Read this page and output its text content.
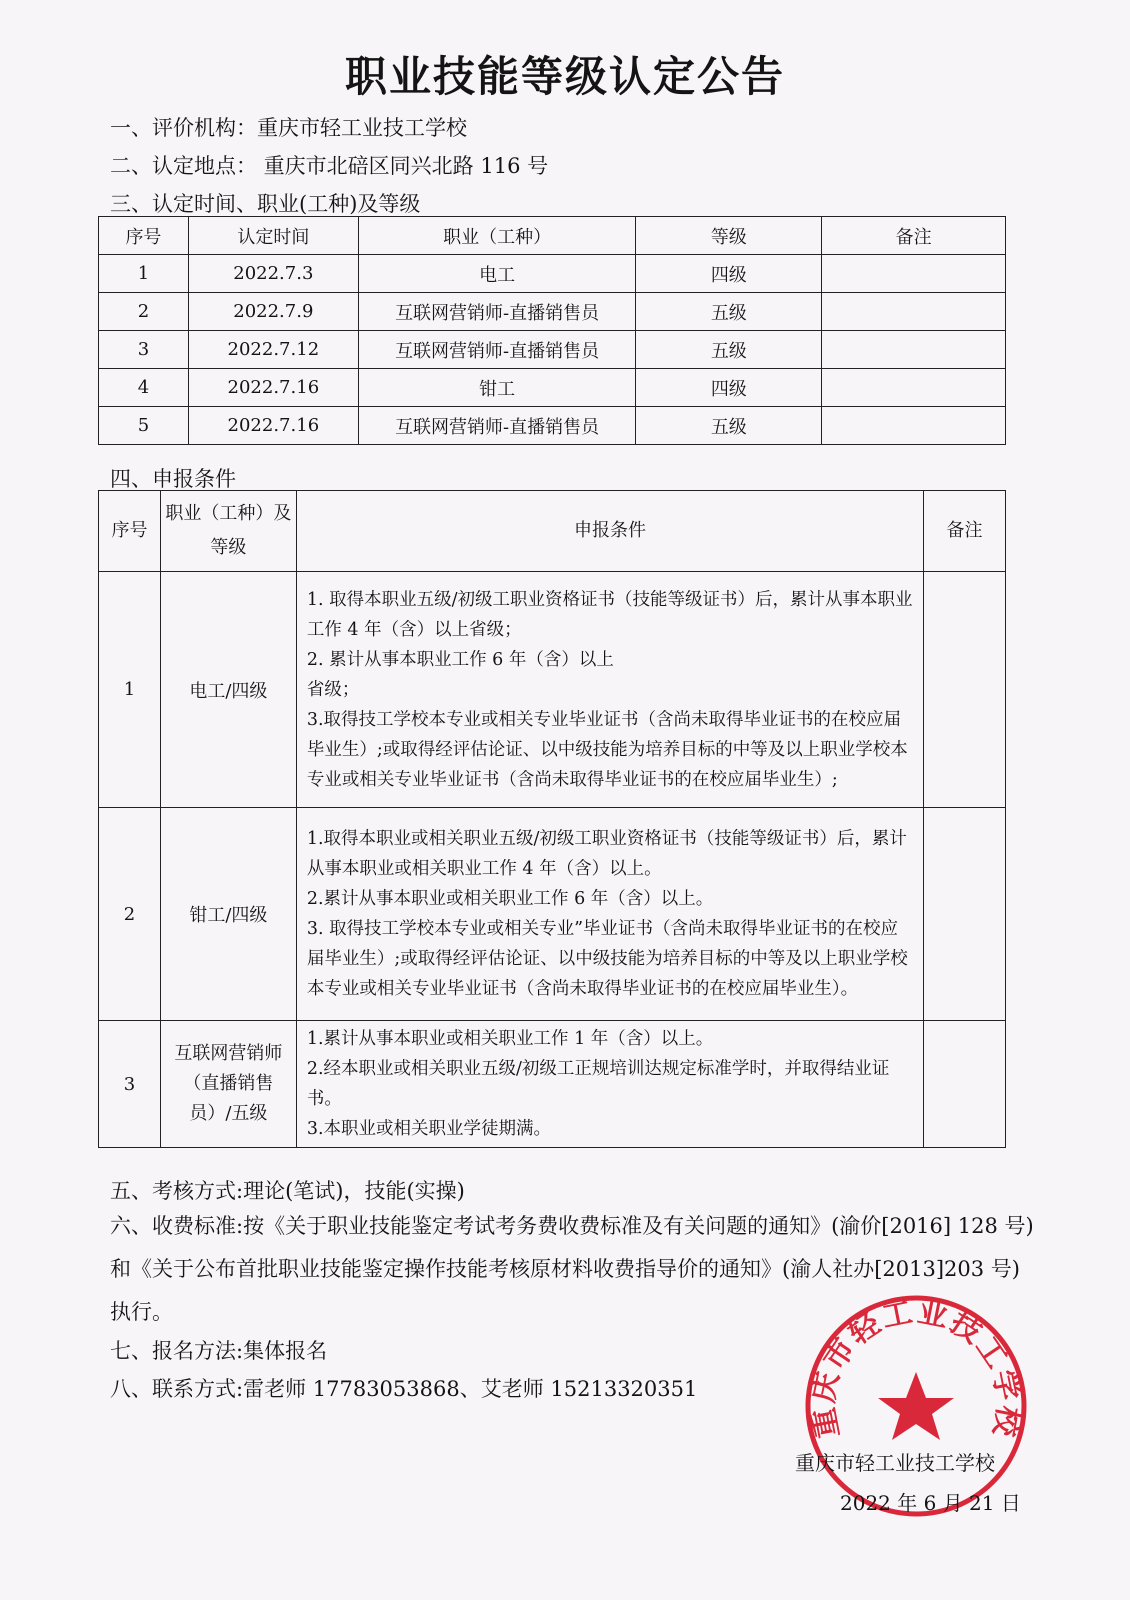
职业技能等级认定公告
一、评价机构：重庆市轻工业技工学校
二、认定地点： 重庆市北碚区同兴北路 116 号
三、认定时间、职业(工种)及等级
序号	认定时间	职业（工种）	等级	备注
1	2022.7.3	电工	四级	
2	2022.7.9	互联网营销师-直播销售员	五级	
3	2022.7.12	互联网营销师-直播销售员	五级	
4	2022.7.16	钳工	四级	
5	2022.7.16	互联网营销师-直播销售员	五级	
四、申报条件
序号	职业（工种）及等级	申报条件	备注
1	电工/四级	1. 取得本职业五级/初级工职业资格证书（技能等级证书）后，累计从事本职业工作 4 年（含）以上省级；
2. 累计从事本职业工作 6 年（含）以上
省级；
3.取得技工学校本专业或相关专业毕业证书（含尚未取得毕业证书的在校应届毕业生）;或取得经评估论证、以中级技能为培养目标的中等及以上职业学校本专业或相关专业毕业证书（含尚未取得毕业证书的在校应届毕业生）;	

2	钳工/四级	1.取得本职业或相关职业五级/初级工职业资格证书（技能等级证书）后，累计从事本职业或相关职业工作 4 年（含）以上。
2.累计从事本职业或相关职业工作 6 年（含）以上。
3. 取得技工学校本专业或相关专业”毕业证书（含尚未取得毕业证书的在校应届毕业生）;或取得经评估论证、以中级技能为培养目标的中等及以上职业学校本专业或相关专业毕业证书（含尚未取得毕业证书的在校应届毕业生）。	

3	互联网营销师（直播销售员）/五级	1.累计从事本职业或相关职业工作 1 年（含）以上。
2.经本职业或相关职业五级/初级工正规培训达规定标准学时，并取得结业证书。
3.本职业或相关职业学徒期满。	

五、考核方式:理论(笔试)，技能(实操)
六、收费标准:按《关于职业技能鉴定考试考务费收费标准及有关问题的通知》(渝价[2016] 128 号)和《关于公布首批职业技能鉴定操作技能考核原材料收费指导价的通知》(渝人社办[2013]203 号)执行。
七、报名方法:集体报名
八、联系方式:雷老师 17783053868、艾老师 15213320351
重庆市轻工业技工学校
重庆市轻工业技工学校
2022 年 6 月 21 日
